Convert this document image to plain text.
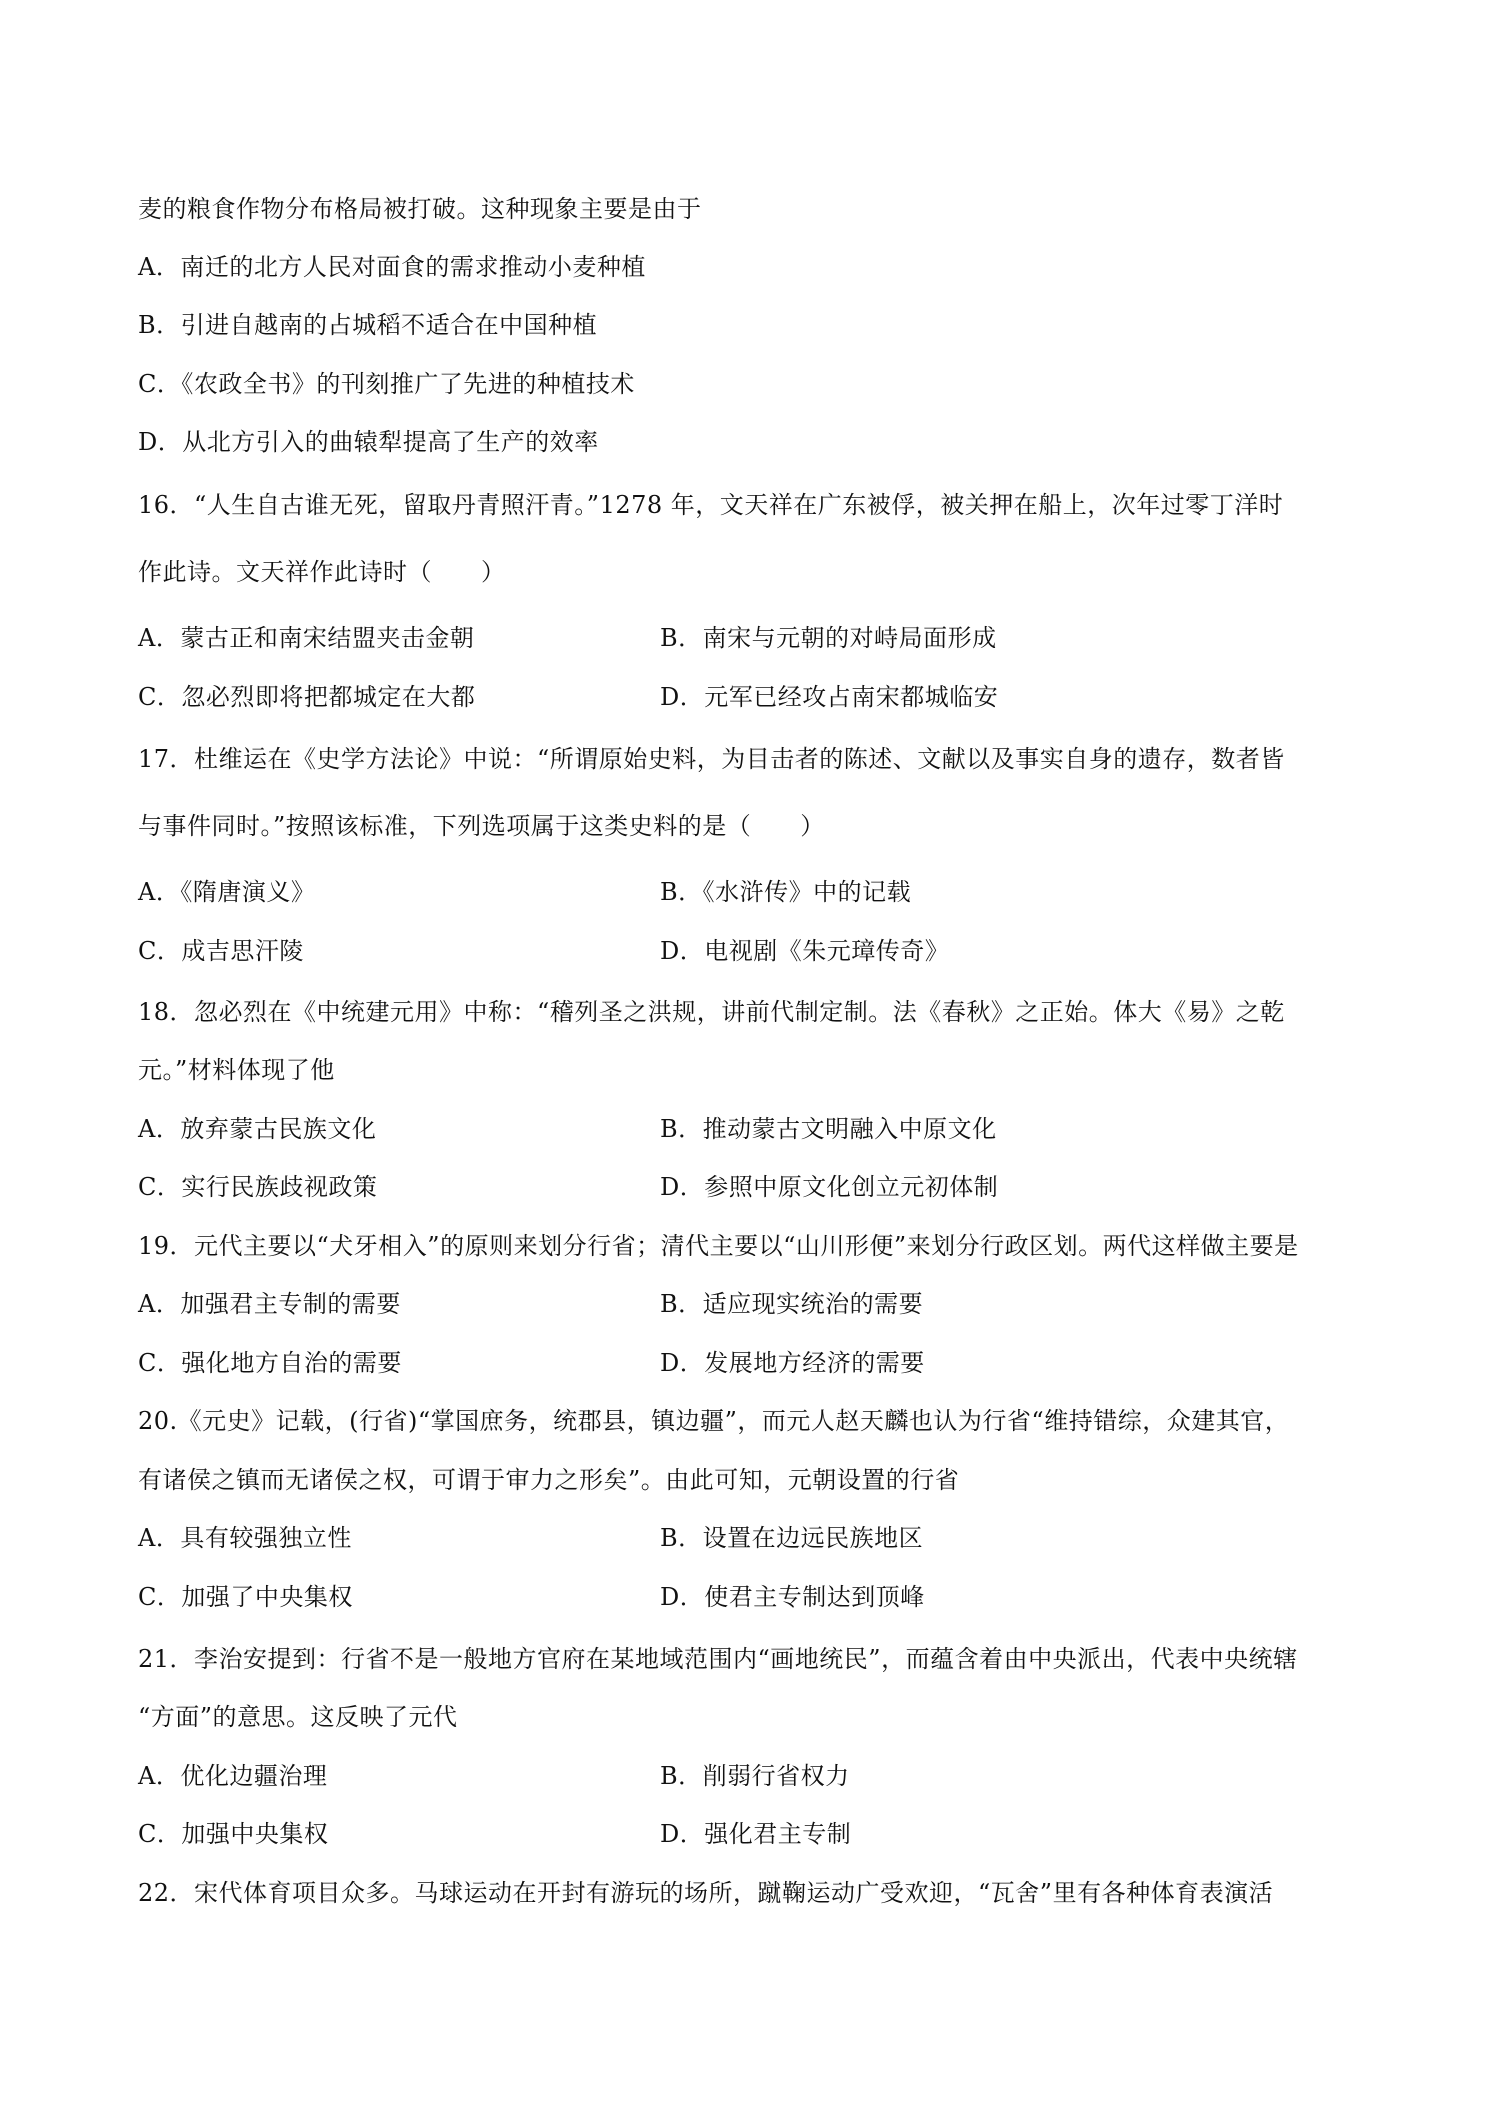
麦的粮食作物分布格局被打破。这种现象主要是由于
A．南迁的北方人民对面食的需求推动小麦种植
B．引进自越南的占城稻不适合在中国种植
C．《农政全书》的刊刻推广了先进的种植技术
D．从北方引入的曲辕犁提高了生产的效率
16．“人生自古谁无死，留取丹青照汗青。”1278 年，文天祥在广东被俘，被关押在船上，次年过零丁洋时
作此诗。文天祥作此诗时（　　）
A．蒙古正和南宋结盟夹击金朝	B．南宋与元朝的对峙局面形成
C．忽必烈即将把都城定在大都	D．元军已经攻占南宋都城临安
17．杜维运在《史学方法论》中说：“所谓原始史料，为目击者的陈述、文献以及事实自身的遗存，数者皆
与事件同时。”按照该标准，下列选项属于这类史料的是（　　）
A．《隋唐演义》	B．《水浒传》中的记载
C．成吉思汗陵	D．电视剧《朱元璋传奇》
18．忽必烈在《中统建元用》中称：“稽列圣之洪规，讲前代制定制。法《春秋》之正始。体大《易》之乾
元。”材料体现了他
A．放弃蒙古民族文化	B．推动蒙古文明融入中原文化
C．实行民族歧视政策	D．参照中原文化创立元初体制
19．元代主要以“犬牙相入”的原则来划分行省；清代主要以“山川形便”来划分行政区划。两代这样做主要是
A．加强君主专制的需要	B．适应现实统治的需要
C．强化地方自治的需要	D．发展地方经济的需要
20.《元史》记载，(行省)“掌国庶务，统郡县，镇边疆”，而元人赵天麟也认为行省“维持错综，众建其官，
有诸侯之镇而无诸侯之权，可谓于审力之形矣”。由此可知，元朝设置的行省
A．具有较强独立性	B．设置在边远民族地区
C．加强了中央集权	D．使君主专制达到顶峰
21．李治安提到：行省不是一般地方官府在某地域范围内“画地统民”，而蕴含着由中央派出，代表中央统辖
“方面”的意思。这反映了元代
A．优化边疆治理	B．削弱行省权力
C．加强中央集权	D．强化君主专制
22．宋代体育项目众多。马球运动在开封有游玩的场所，蹴鞠运动广受欢迎，“瓦舍”里有各种体育表演活
